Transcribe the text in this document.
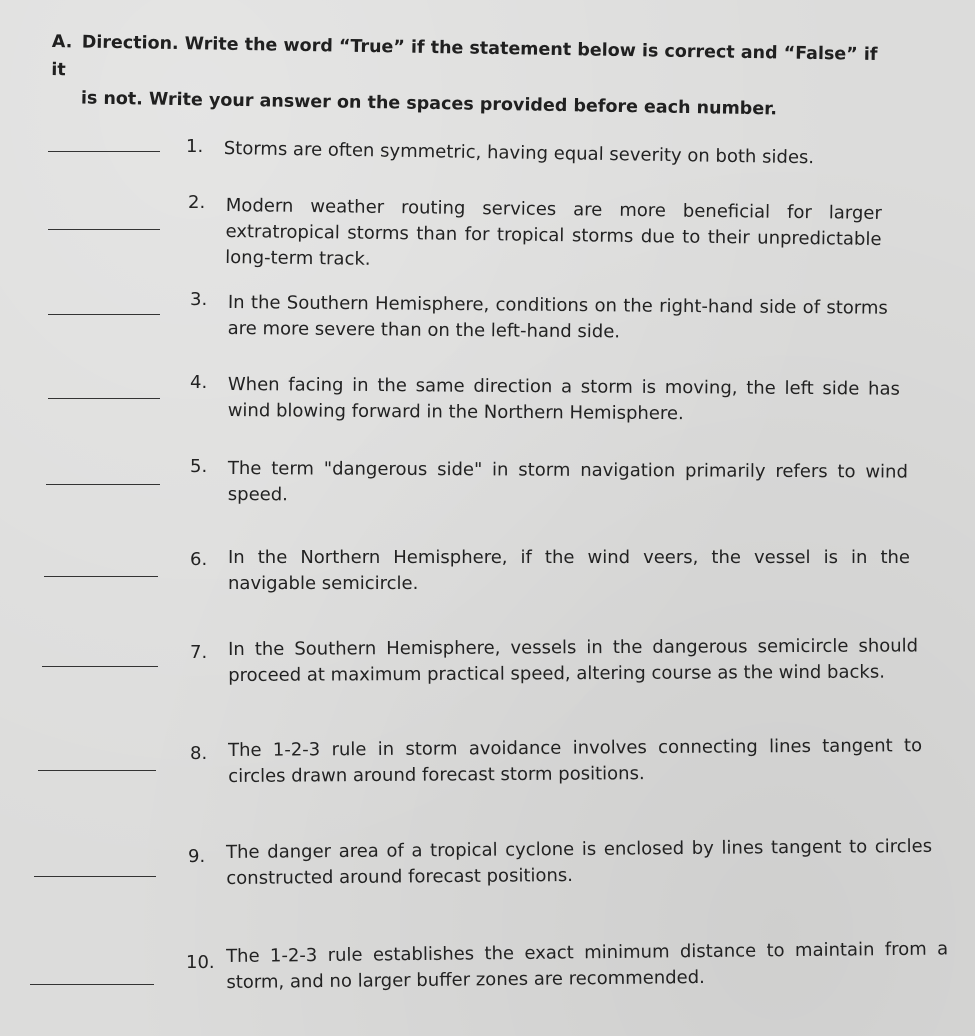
A. Direction. Write the word “True” if the statement below is correct and “False” if it
is not. Write your answer on the spaces provided before each number.
1. Storms are often symmetric, having equal severity on both sides.
2. Modern weather routing services are more beneficial for larger extratropical storms than for tropical storms due to their unpredictable long-term track.
3. In the Southern Hemisphere, conditions on the right-hand side of storms are more severe than on the left-hand side.
4. When facing in the same direction a storm is moving, the left side has wind blowing forward in the Northern Hemisphere.
5. The term "dangerous side" in storm navigation primarily refers to wind speed.
6. In the Northern Hemisphere, if the wind veers, the vessel is in the navigable semicircle.
7. In the Southern Hemisphere, vessels in the dangerous semicircle should proceed at maximum practical speed, altering course as the wind backs.
8. The 1-2-3 rule in storm avoidance involves connecting lines tangent to circles drawn around forecast storm positions.
9. The danger area of a tropical cyclone is enclosed by lines tangent to circles constructed around forecast positions.
10. The 1-2-3 rule establishes the exact minimum distance to maintain from a storm, and no larger buffer zones are recommended.
